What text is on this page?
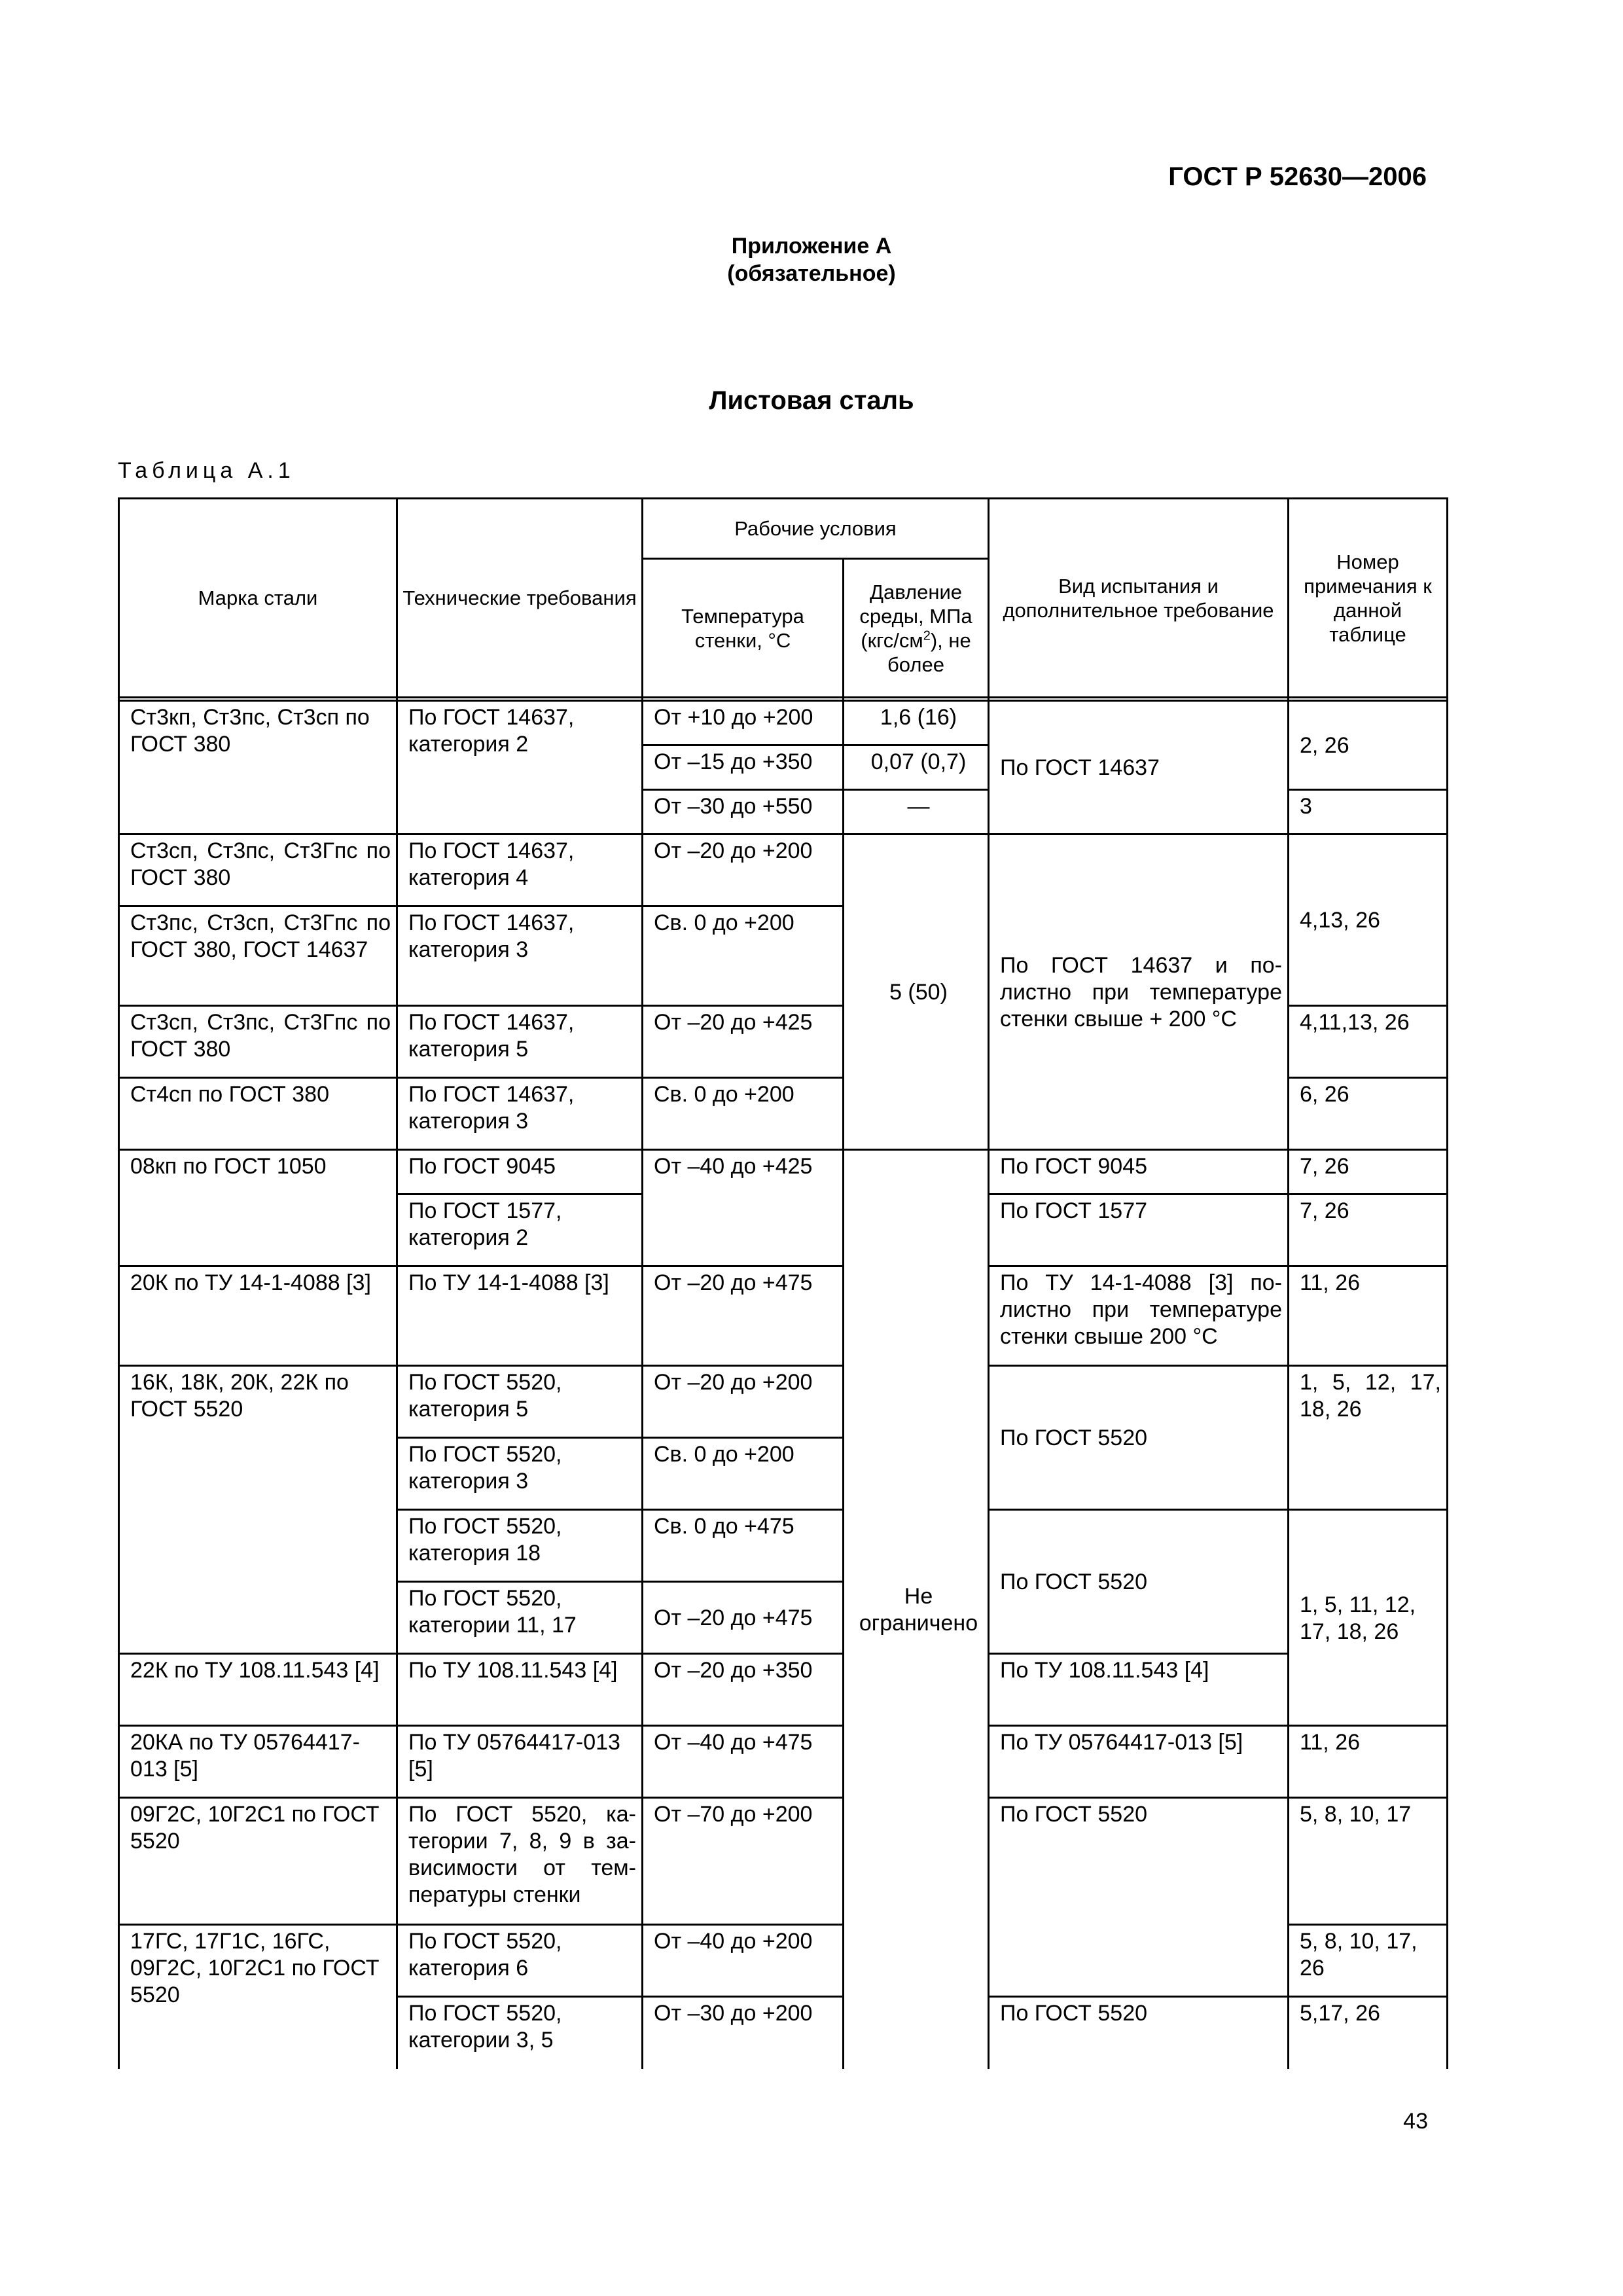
ГОСТ Р 52630—2006
Приложение А
(обязательное)
Листовая сталь
Таблица А.1
Марка стали	Технические требования	Рабочие условия		Вид испытания и дополнительное требование	Номер примечания к данной таблице
		Температура стенки, °С	Давление среды, МПа $(кгс/см^2)$, не более		

Ст3кп, Ст3пс, Ст3сп по ГОСТ 380	По ГОСТ 14637, категория 2	От +10 до +200	1,6 (16)	По ГОСТ 14637	2, 26
		От –15 до +350	0,07 (0,7)		
		От –30 до +550	—		3
Ст3сп, Ст3пс, Ст3Гпс по ГОСТ 380	По ГОСТ 14637, категория 4	От –20 до +200	5 (50)	По ГОСТ 14637 и по-листно при температуре стенки свыше + 200 °С	4,13, 26
Ст3пс, Ст3сп, Ст3Гпс по ГОСТ 380, ГОСТ 14637	По ГОСТ 14637, категория 3	Св. 0 до +200			
Ст3сп, Ст3пс, Ст3Гпс по ГОСТ 380	По ГОСТ 14637, категория 5	От –20 до +425			4,11,13, 26
Ст4сп по ГОСТ 380	По ГОСТ 14637, категория 3	Св. 0 до +200			6, 26
08кп по ГОСТ 1050	По ГОСТ 9045	От –40 до +425	Не ограничено	По ГОСТ 9045	7, 26
	По ГОСТ 1577, категория 2			По ГОСТ 1577	7, 26
20К по ТУ 14-1-4088 [3]	По ТУ 14-1-4088 [3]	От –20 до +475		По ТУ 14-1-4088 [3] по-листно при температуре стенки свыше 200 °С	11, 26
16К, 18К, 20К, 22К по ГОСТ 5520	По ГОСТ 5520, категория 5	От –20 до +200		По ГОСТ 5520	1, 5, 12, 17, 18, 26
	По ГОСТ 5520, категория 3	Св. 0 до +200			
	По ГОСТ 5520, категория 18	Св. 0 до +475		По ГОСТ 5520	1, 5, 11, 12, 17, 18, 26
	По ГОСТ 5520, категории 11, 17	От –20 до +475			
22К по ТУ 108.11.543 [4]	По ТУ 108.11.543 [4]	От –20 до +350		По ТУ 108.11.543 [4]	
20КА по ТУ 05764417-013 [5]	По ТУ 05764417-013 [5]	От –40 до +475		По ТУ 05764417-013 [5]	11, 26
09Г2С, 10Г2С1 по ГОСТ 5520	По ГОСТ 5520, ка-тегории 7, 8, 9 в за-висимости от тем-пературы стенки	От –70 до +200		По ГОСТ 5520	5, 8, 10, 17
17ГС, 17Г1С, 16ГС, 09Г2С, 10Г2С1 по ГОСТ 5520	По ГОСТ 5520, категория 6	От –40 до +200			5, 8, 10, 17, 26
	По ГОСТ 5520, категории 3, 5	От –30 до +200		По ГОСТ 5520	5,17, 26
43
